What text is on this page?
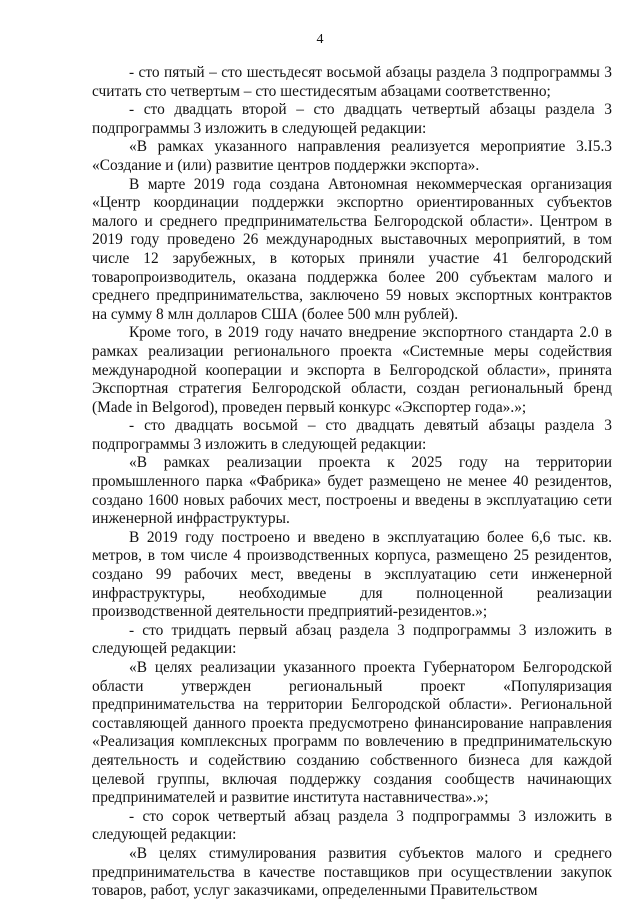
4

- сто пятый – сто шестьдесят восьмой абзацы раздела 3 подпрограммы 3 считать сто четвертым – сто шестидесятым абзацами соответственно;

- сто двадцать второй – сто двадцать четвертый абзацы раздела 3 подпрограммы 3 изложить в следующей редакции:

«В рамках указанного направления реализуется мероприятие 3.I5.3 «Создание и (или) развитие центров поддержки экспорта».

В марте 2019 года создана Автономная некоммерческая организация «Центр координации поддержки экспортно ориентированных субъектов малого и среднего предпринимательства Белгородской области». Центром в 2019 году проведено 26 международных выставочных мероприятий, в том числе 12 зарубежных, в которых приняли участие 41 белгородский товаропроизводитель, оказана поддержка более 200 субъектам малого и среднего предпринимательства, заключено 59 новых экспортных контрактов на сумму 8 млн долларов США (более 500 млн рублей).

Кроме того, в 2019 году начато внедрение экспортного стандарта 2.0 в рамках реализации регионального проекта «Системные меры содействия международной кооперации и экспорта в Белгородской области», принята Экспортная стратегия Белгородской области, создан региональный бренд (Made in Belgorod), проведен первый конкурс «Экспортер года».»;

- сто двадцать восьмой – сто двадцать девятый абзацы раздела 3 подпрограммы 3 изложить в следующей редакции:

«В рамках реализации проекта к 2025 году на территории промышленного парка «Фабрика» будет размещено не менее 40 резидентов, создано 1600 новых рабочих мест, построены и введены в эксплуатацию сети инженерной инфраструктуры.

В 2019 году построено и введено в эксплуатацию более 6,6 тыс. кв. метров, в том числе 4 производственных корпуса, размещено 25 резидентов, создано 99 рабочих мест, введены в эксплуатацию сети инженерной инфраструктуры, необходимые для полноценной реализации производственной деятельности предприятий-резидентов.»;

- сто тридцать первый абзац раздела 3 подпрограммы 3 изложить в следующей редакции:

«В целях реализации указанного проекта Губернатором Белгородской области утвержден региональный проект «Популяризация предпринимательства на территории Белгородской области». Региональной составляющей данного проекта предусмотрено финансирование направления «Реализация комплексных программ по вовлечению в предпринимательскую деятельность и содействию созданию собственного бизнеса для каждой целевой группы, включая поддержку создания сообществ начинающих предпринимателей и развитие института наставничества».»;

- сто сорок четвертый абзац раздела 3 подпрограммы 3 изложить в следующей редакции:

«В целях стимулирования развития субъектов малого и среднего предпринимательства в качестве поставщиков при осуществлении закупок товаров, работ, услуг заказчиками, определенными Правительством
